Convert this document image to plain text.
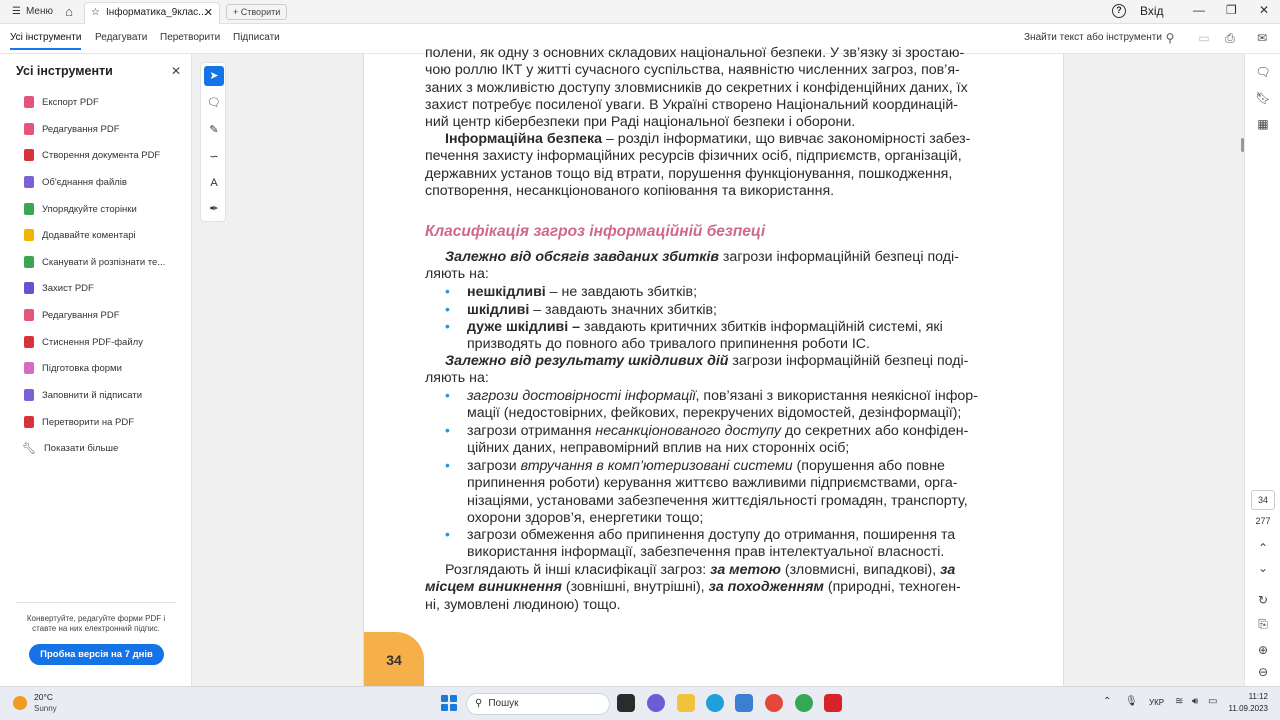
☰ Меню ⌂	☆ Інформатика_9клас...
✕	+ Створити	?	Вхід — ❐ ✕
Усі інструменти Редагувати Перетворити Підписати	Знайти текст або інструменти ⚲	▭ ⎙ ✉
Усі інструменти	✕
Експорт PDF
Редагування PDF
Створення документа PDF
Об'єднання файлів
Упорядкуйте сторінки
Додавайте коментарі
Сканувати й розпізнати те...
Захист PDF
Редагування PDF
Стиснення PDF-файлу
Підготовка форми
Заповнити й підписати
Перетворити на PDF
🔧︎ Показати більше
Конвертуйте, редагуйте форми PDF і ставте на них електронний підпис.
Пробна версія на 7 днів
полени, як одну з основних складових національної безпеки. У зв’язку зі зростаю-
чою роллю ІКТ у житті сучасного суспільства, наявністю численних загроз, пов’я-
заних з можливістю доступу зловмисників до секретних і конфіденційних даних, їх
захист потребує посиленої уваги. В Україні створено Національний координацій-
ний центр кібербезпеки при Раді національної безпеки і оборони.
Інформаційна безпека – розділ інформатики, що вивчає закономірності забез-
печення захисту інформаційних ресурсів фізичних осіб, підприємств, організацій,
державних установ тощо від втрати, порушення функціонування, пошкодження,
спотворення, несанкціонованого копіювання та використання.
Класифікація загроз інформаційній безпеці
Залежно від обсягів завданих збитків загрози інформаційній безпеці поді-
ляють на:
•	нешкідливі – не завдають збитків;
•	шкідливі – завдають значних збитків;
•	дуже шкідливі – завдають критичних збитків інформаційній системі, які
призводять до повного або тривалого припинення роботи ІС.
Залежно від результату шкідливих дій загрози інформаційній безпеці поді-
ляють на:
•	загрози достовірності інформації, пов’язані з використання неякісної інфор-
мації (недостовірних, фейкових, перекручених відомостей, дезінформації);
•	загрози отримання несанкціонованого доступу до секретних або конфіден-
ційних даних, неправомірний вплив на них сторонніх осіб;
•	загрози втручання в комп’ютеризовані системи (порушення або повне
припинення роботи) керування життєво важливими підприємствами, орга-
нізаціями, установами забезпечення життєдіяльності громадян, транспорту,
охорони здоров’я, енергетики тощо;
•	загрози обмеження або припинення доступу до отримання, поширення та
використання інформації, забезпечення прав інтелектуальної власності.
Розглядають й інші класифікації загроз: за метою (зловмисні, випадкові), за
місцем виникнення (зовнішні, внутрішні), за походженням (природні, техноген-
ні, зумовлені людиною) тощо.
34
➤
🗨︎
✎
∽
A
✒
🗨︎
🔖︎
▦
34
277
⌃
⌄
↻
⎘
⊕
⊖
20°C
Sunny	⚲ Пошук	⌃ 🎙︎ УКР ≋ 🔊︎ ▭	11:12
11.09.2023
